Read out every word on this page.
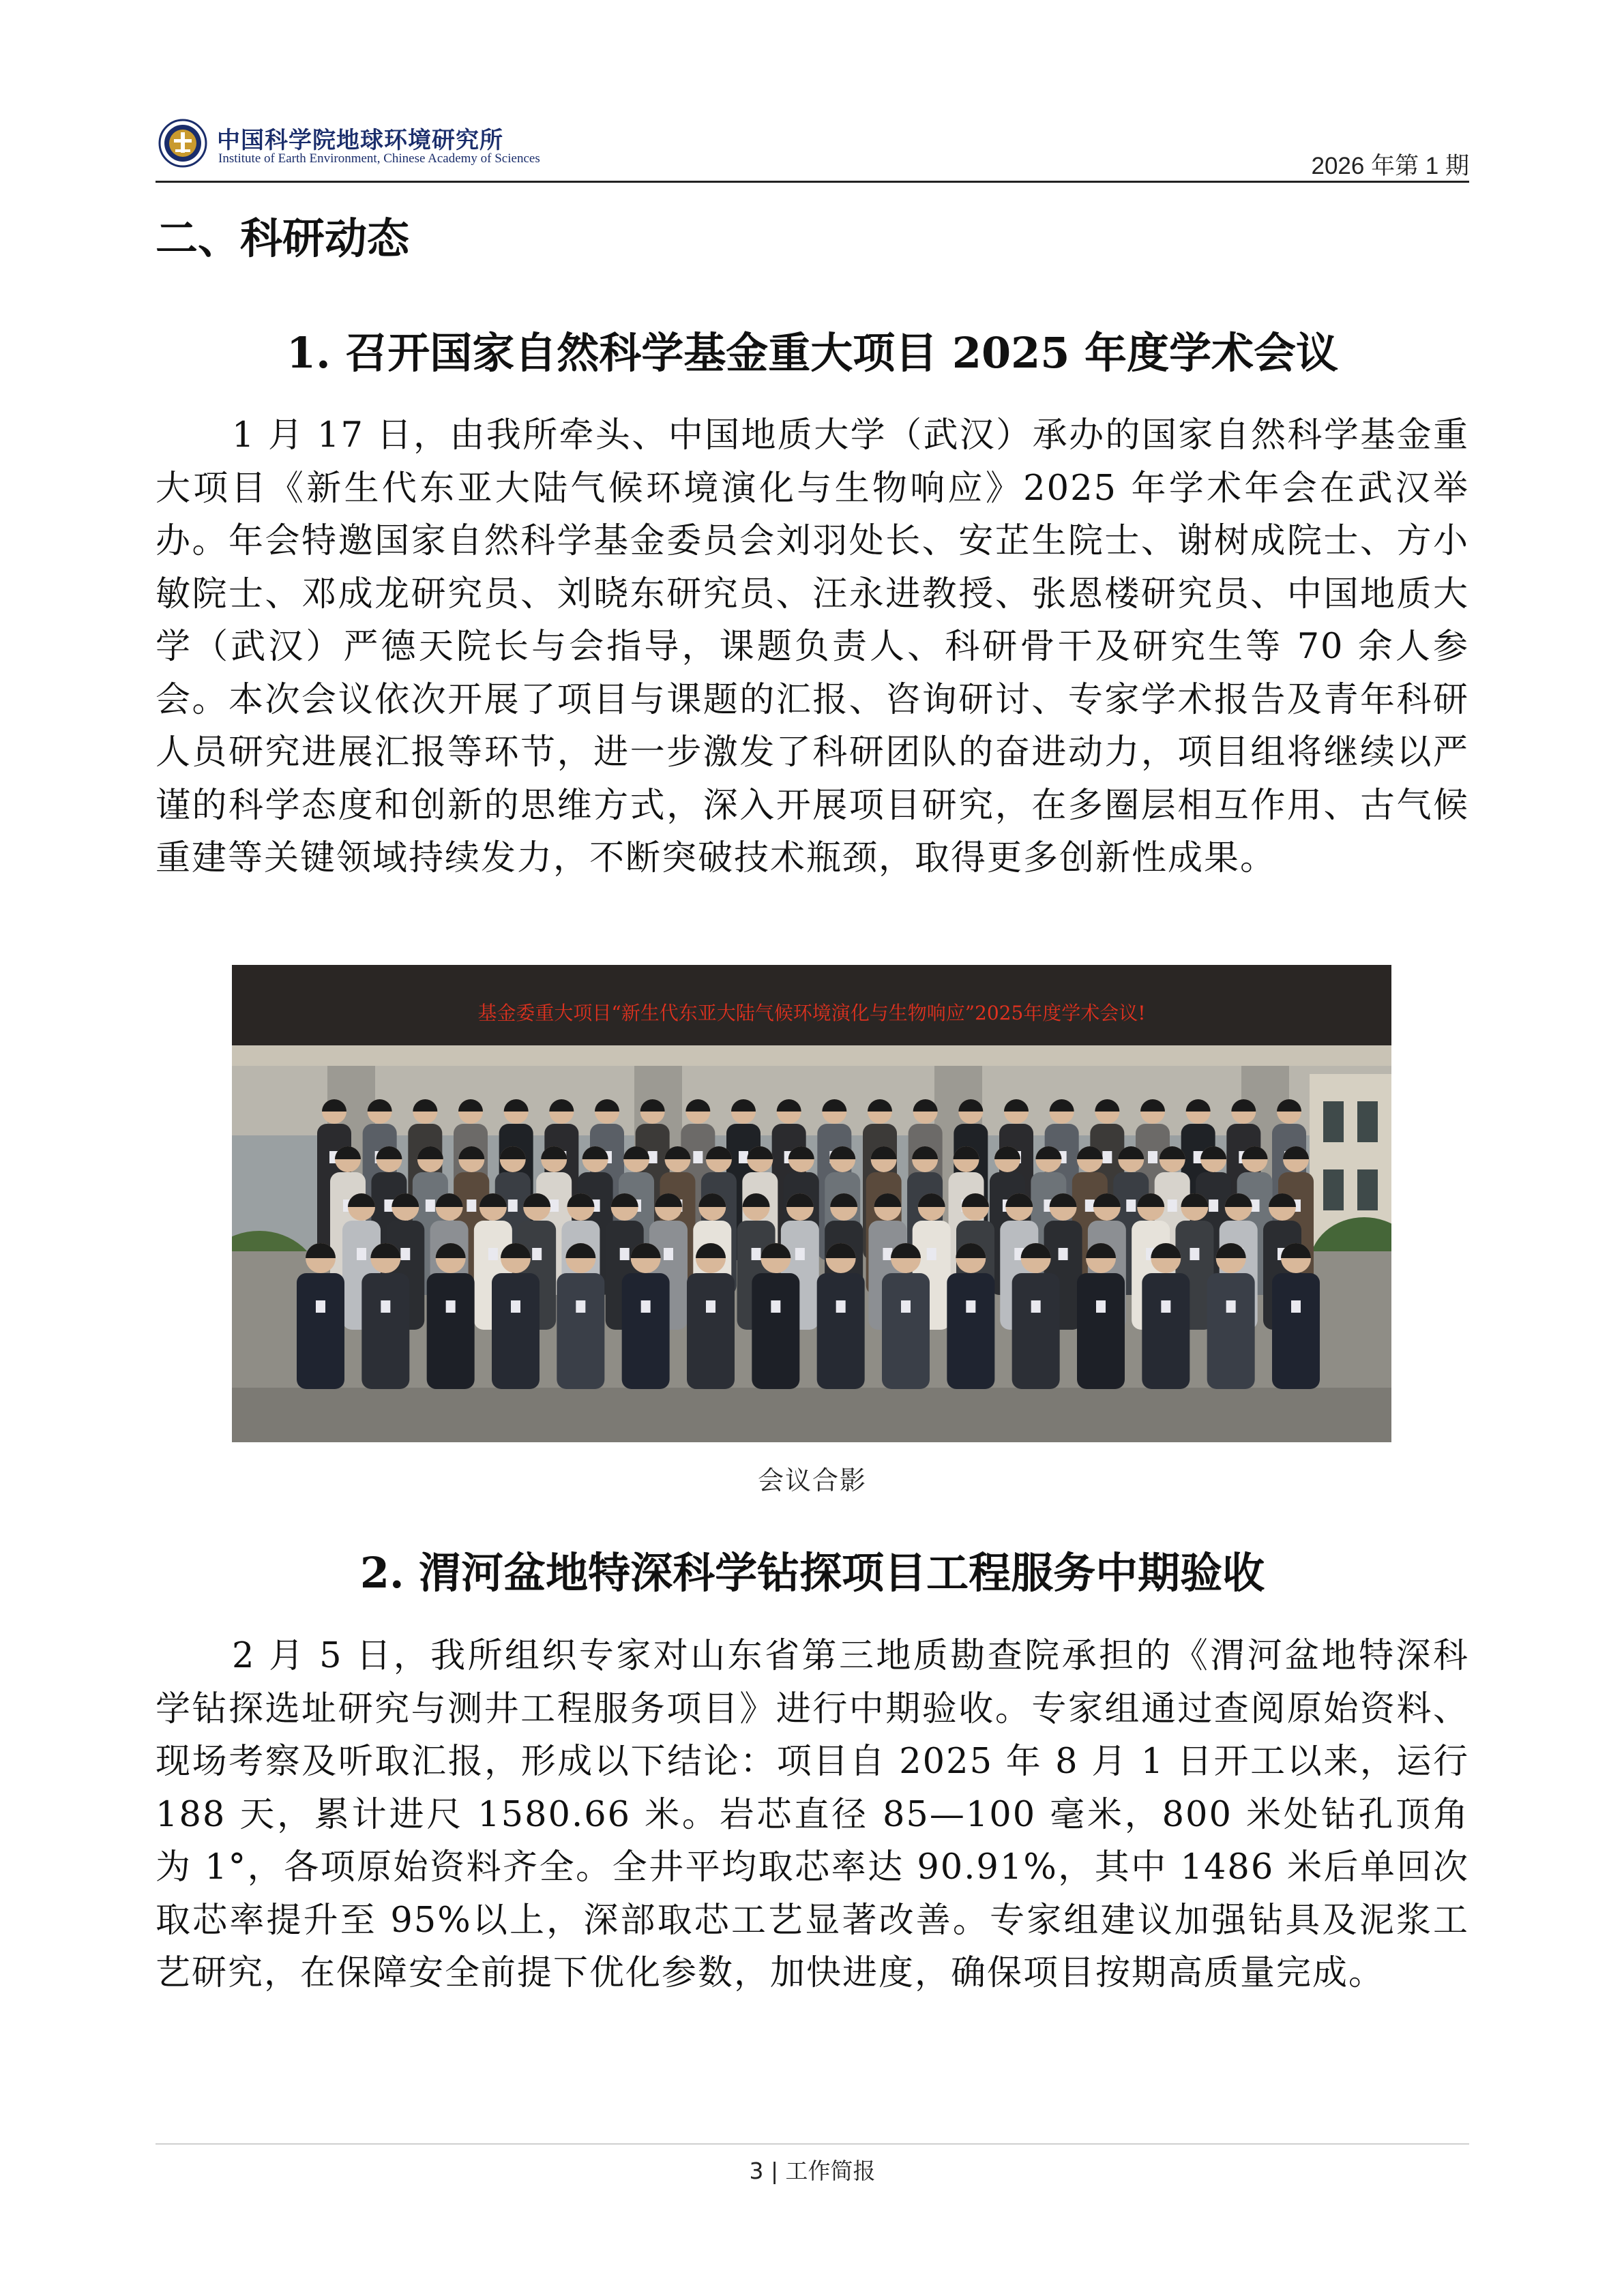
中国科学院地球环境研究所
Institute of Earth Environment, Chinese Academy of Sciences	2026 年第 1 期
二、科研动态
1. 召开国家自然科学基金重大项目 2025 年度学术会议

1 月 17 日，由我所牵头、中国地质大学（武汉）承办的国家自然科学基金重大项目《新生代东亚大陆气候环境演化与生物响应》2025 年学术年会在武汉举办。年会特邀国家自然科学基金委员会刘羽处长、安芷生院士、谢树成院士、方小敏院士、邓成龙研究员、刘晓东研究员、汪永进教授、张恩楼研究员、中国地质大学（武汉）严德天院长与会指导，课题负责人、科研骨干及研究生等 70 余人参会。本次会议依次开展了项目与课题的汇报、咨询研讨、专家学术报告及青年科研人员研究进展汇报等环节，进一步激发了科研团队的奋进动力，项目组将继续以严谨的科学态度和创新的思维方式，深入开展项目研究，在多圈层相互作用、古气候重建等关键领域持续发力，不断突破技术瓶颈，取得更多创新性成果。

基金委重大项目“新生代东亚大陆气候环境演化与生物响应”2025年度学术会议!
会议合影
2. 渭河盆地特深科学钻探项目工程服务中期验收

2 月 5 日，我所组织专家对山东省第三地质勘查院承担的《渭河盆地特深科学钻探选址研究与测井工程服务项目》进行中期验收。专家组通过查阅原始资料、现场考察及听取汇报，形成以下结论：项目自 2025 年 8 月 1 日开工以来，运行 188 天，累计进尺 1580.66 米。岩芯直径 85—100 毫米，800 米处钻孔顶角为 1°，各项原始资料齐全。全井平均取芯率达 90.91%，其中 1486 米后单回次取芯率提升至 95%以上，深部取芯工艺显著改善。专家组建议加强钻具及泥浆工艺研究，在保障安全前提下优化参数，加快进度，确保项目按期高质量完成。

3 | 工作简报
